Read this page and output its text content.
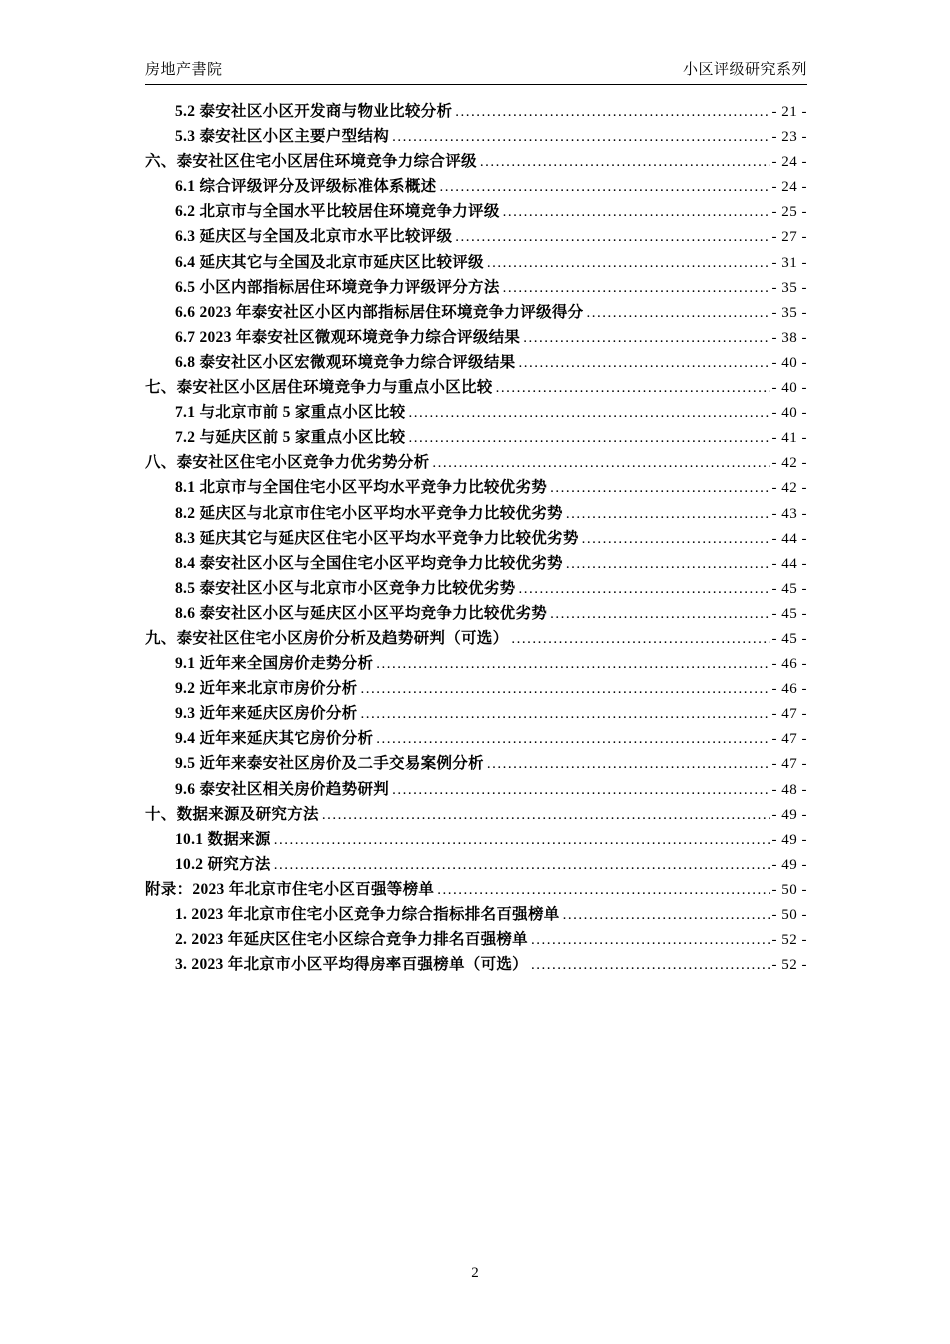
房地产書院	小区评级研究系列
5.2 泰安社区小区开发商与物业比较分析 .....	- 21 -
5.3 泰安社区小区主要户型结构 .....	- 23 -
六、泰安社区住宅小区居住环境竞争力综合评级 .....	- 24 -
6.1 综合评级评分及评级标准体系概述 .....	- 24 -
6.2 北京市与全国水平比较居住环境竞争力评级 .....	- 25 -
6.3 延庆区与全国及北京市水平比较评级 .....	- 27 -
6.4 延庆其它与全国及北京市延庆区比较评级 .....	- 31 -
6.5 小区内部指标居住环境竞争力评级评分方法 .....	- 35 -
6.6 2023 年泰安社区小区内部指标居住环境竞争力评级得分 .....	- 35 -
6.7 2023 年泰安社区微观环境竞争力综合评级结果 .....	- 38 -
6.8 泰安社区小区宏微观环境竞争力综合评级结果 .....	- 40 -
七、泰安社区小区居住环境竞争力与重点小区比较 .....	- 40 -
7.1 与北京市前 5 家重点小区比较 .....	- 40 -
7.2 与延庆区前 5 家重点小区比较 .....	- 41 -
八、泰安社区住宅小区竞争力优劣势分析 .....	- 42 -
8.1 北京市与全国住宅小区平均水平竞争力比较优劣势 .....	- 42 -
8.2 延庆区与北京市住宅小区平均水平竞争力比较优劣势 .....	- 43 -
8.3 延庆其它与延庆区住宅小区平均水平竞争力比较优劣势 .....	- 44 -
8.4 泰安社区小区与全国住宅小区平均竞争力比较优劣势 .....	- 44 -
8.5 泰安社区小区与北京市小区竞争力比较优劣势 .....	- 45 -
8.6 泰安社区小区与延庆区小区平均竞争力比较优劣势 .....	- 45 -
九、泰安社区住宅小区房价分析及趋势研判（可选） .....	- 45 -
9.1 近年来全国房价走势分析 .....	- 46 -
9.2 近年来北京市房价分析 .....	- 46 -
9.3 近年来延庆区房价分析 .....	- 47 -
9.4 近年来延庆其它房价分析 .....	- 47 -
9.5 近年来泰安社区房价及二手交易案例分析 .....	- 47 -
9.6 泰安社区相关房价趋势研判 .....	- 48 -
十、数据来源及研究方法 .....	- 49 -
10.1 数据来源 .....	- 49 -
10.2 研究方法 .....	- 49 -
附录：2023 年北京市住宅小区百强等榜单 .....	- 50 -
1. 2023 年北京市住宅小区竞争力综合指标排名百强榜单 .....	- 50 -
2. 2023 年延庆区住宅小区综合竞争力排名百强榜单 .....	- 52 -
3. 2023 年北京市小区平均得房率百强榜单（可选） .....	- 52 -
2
